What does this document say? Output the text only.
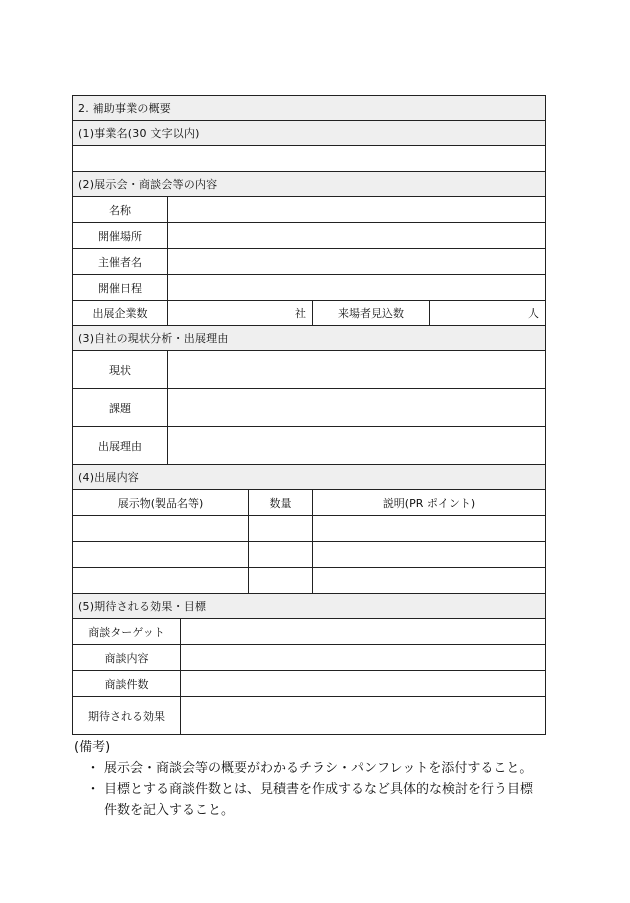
2. 補助事業の概要
(1)事業名(30 文字以内)
(2)展示会・商談会等の内容
名称
開催場所
主催者名
開催日程
出展企業数	社	来場者見込数	人
(3)自社の現状分析・出展理由
現状
課題
出展理由
(4)出展内容
展示物(製品名等)	数量	説明(PR ポイント)
(5)期待される効果・目標
商談ターゲット
商談内容
商談件数
期待される効果
(備考)
・ 展示会・商談会等の概要がわかるチラシ・パンフレットを添付すること。
・ 目標とする商談件数とは、見積書を作成するなど具体的な検討を行う目標件数を記入すること。
